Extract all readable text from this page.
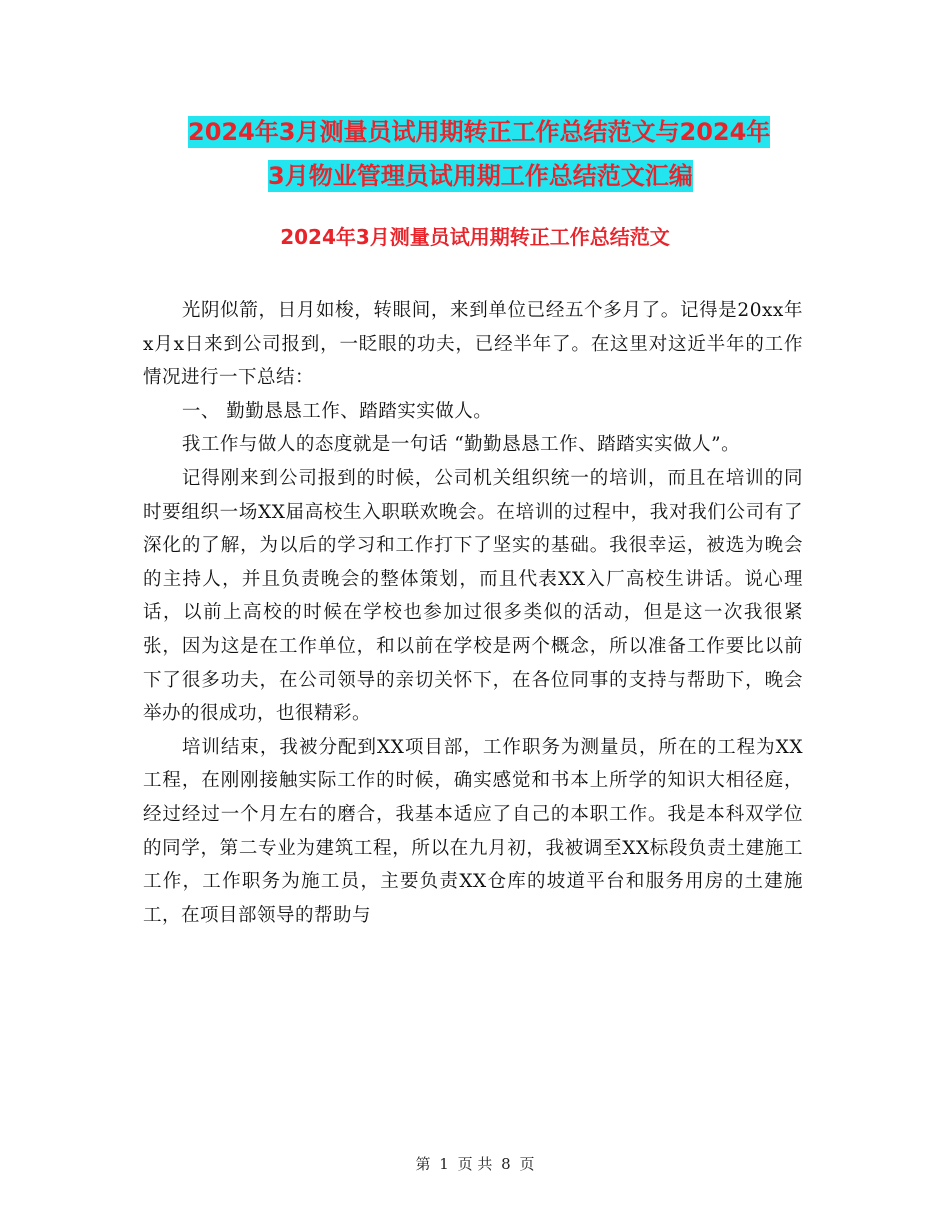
2024年3月测量员试用期转正工作总结范文与2024年
3月物业管理员试用期工作总结范文汇编
2024年3月测量员试用期转正工作总结范文

光阴似箭，日月如梭，转眼间，来到单位已经五个多月了。记得是20xx年x月x日来到公司报到，一眨眼的功夫，已经半年了。在这里对这近半年的工作情况进行一下总结：

一、 勤勤恳恳工作、踏踏实实做人。

我工作与做人的态度就是一句话 “勤勤恳恳工作、踏踏实实做人”。

记得刚来到公司报到的时候，公司机关组织统一的培训，而且在培训的同时要组织一场XX届高校生入职联欢晚会。在培训的过程中，我对我们公司有了深化的了解，为以后的学习和工作打下了坚实的基础。我很幸运，被选为晚会的主持人，并且负责晚会的整体策划，而且代表XX入厂高校生讲话。说心理话，以前上高校的时候在学校也参加过很多类似的活动，但是这一次我很紧张，因为这是在工作单位，和以前在学校是两个概念，所以准备工作要比以前下了很多功夫，在公司领导的亲切关怀下，在各位同事的支持与帮助下，晚会举办的很成功，也很精彩。

培训结束，我被分配到XX项目部，工作职务为测量员，所在的工程为XX工程，在刚刚接触实际工作的时候，确实感觉和书本上所学的知识大相径庭，经过经过一个月左右的磨合，我基本适应了自己的本职工作。我是本科双学位的同学，第二专业为建筑工程，所以在九月初，我被调至XX标段负责土建施工工作，工作职务为施工员，主要负责XX仓库的坡道平台和服务用房的土建施工，在项目部领导的帮助与

第 1 页 共 8 页
